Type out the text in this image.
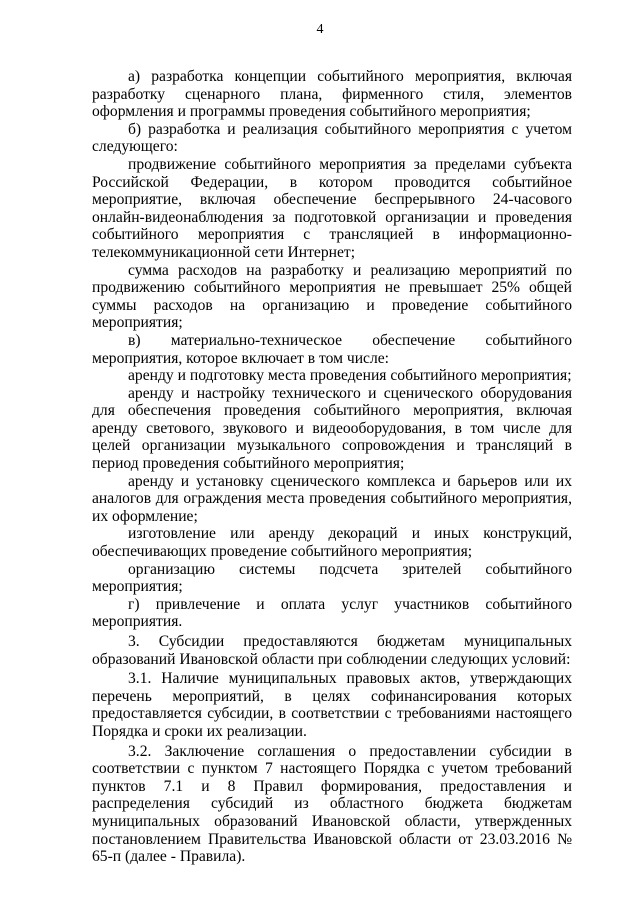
4

а) разработка концепции событийного мероприятия, включая разработку сценарного плана, фирменного стиля, элементов оформления и программы проведения событийного мероприятия;

б) разработка и реализация событийного мероприятия с учетом следующего:

продвижение событийного мероприятия за пределами субъекта Российской Федерации, в котором проводится событийное мероприятие, включая обеспечение беспрерывного 24-часового онлайн-видеонаблюдения за подготовкой организации и проведения событийного мероприятия с трансляцией в информационно-телекоммуникационной сети Интернет;

сумма расходов на разработку и реализацию мероприятий по продвижению событийного мероприятия не превышает 25% общей суммы расходов на организацию и проведение событийного мероприятия;

в) материально-техническое обеспечение событийного мероприятия, которое включает в том числе:

аренду и подготовку места проведения событийного мероприятия;

аренду и настройку технического и сценического оборудования для обеспечения проведения событийного мероприятия, включая аренду светового, звукового и видеооборудования, в том числе для целей организации музыкального сопровождения и трансляций в период проведения событийного мероприятия;

аренду и установку сценического комплекса и барьеров или их аналогов для ограждения места проведения событийного мероприятия, их оформление;

изготовление или аренду декораций и иных конструкций, обеспечивающих проведение событийного мероприятия;

организацию системы подсчета зрителей событийного мероприятия;

г) привлечение и оплата услуг участников событийного мероприятия.

3. Субсидии предоставляются бюджетам муниципальных образований Ивановской области при соблюдении следующих условий:

3.1. Наличие муниципальных правовых актов, утверждающих перечень мероприятий, в целях софинансирования которых предоставляется субсидии, в соответствии с требованиями настоящего Порядка и сроки их реализации.

3.2. Заключение соглашения о предоставлении субсидии в соответствии с пунктом 7 настоящего Порядка с учетом требований пунктов 7.1 и 8 Правил формирования, предоставления и распределения субсидий из областного бюджета бюджетам муниципальных образований Ивановской области, утвержденных постановлением Правительства Ивановской области от 23.03.2016 № 65-п (далее - Правила).
